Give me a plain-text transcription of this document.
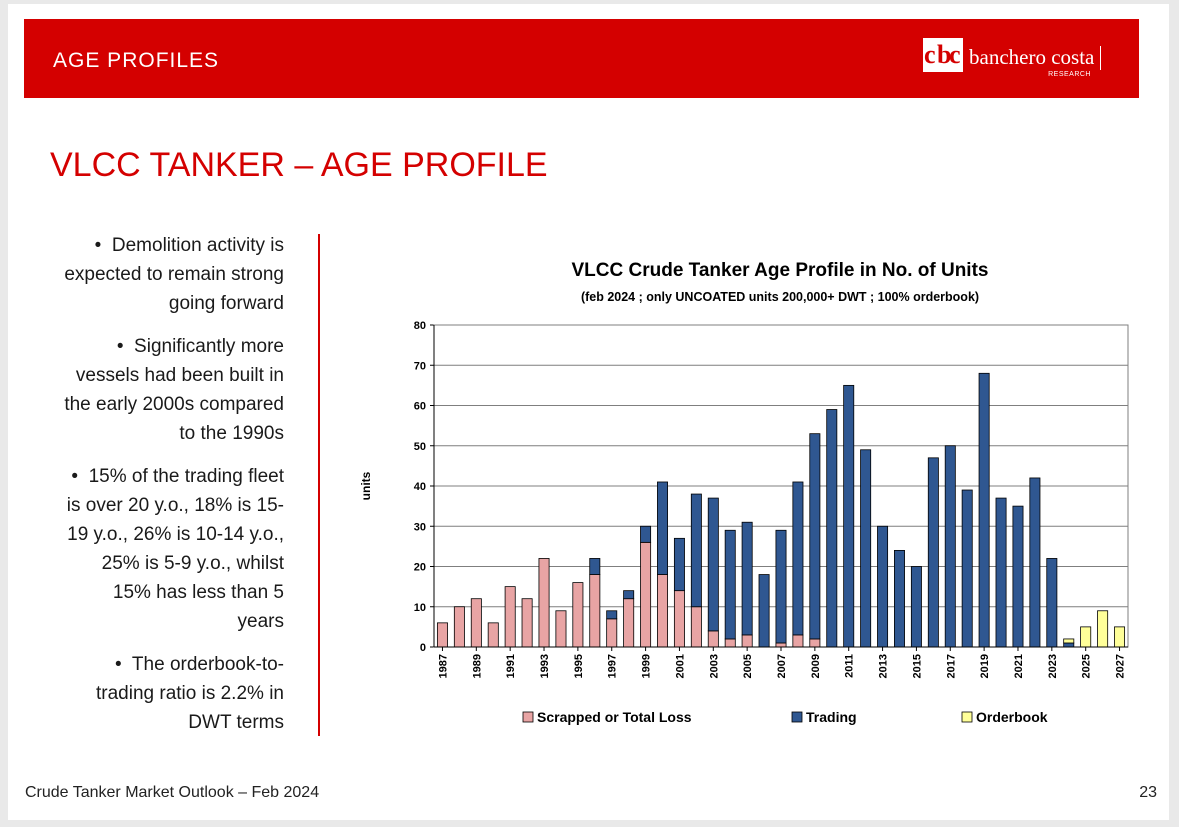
AGE PROFILES	c b
c banchero costa
RESEARCH
VLCC TANKER – AGE PROFILE

•  Demolition activity is expected to remain strong going forward

•  Significantly more vessels had been built in the early 2000s compared to the 1990s

•  15% of the trading fleet is over 20 y.o., 18% is 15-19 y.o., 26% is 10-14 y.o., 25% is 5-9 y.o., whilst 15% has less than 5 years

•  The orderbook-to-trading ratio is 2.2% in DWT terms

VLCC Crude Tanker Age Profile in No. of Units
(feb 2024 ; only UNCOATED units 200,000+ DWT ; 100% orderbook)
units
0
10
20
30
40
50
60
70
80
1987 1989 1991 1993 1995 1997 1999 2001 2003 2005 2007 2009 2011 2013 2015 2017 2019 2021 2023 2025 2027
Scrapped or Total Loss	Trading	Orderbook
Crude Tanker Market Outlook – Feb 2024	23
